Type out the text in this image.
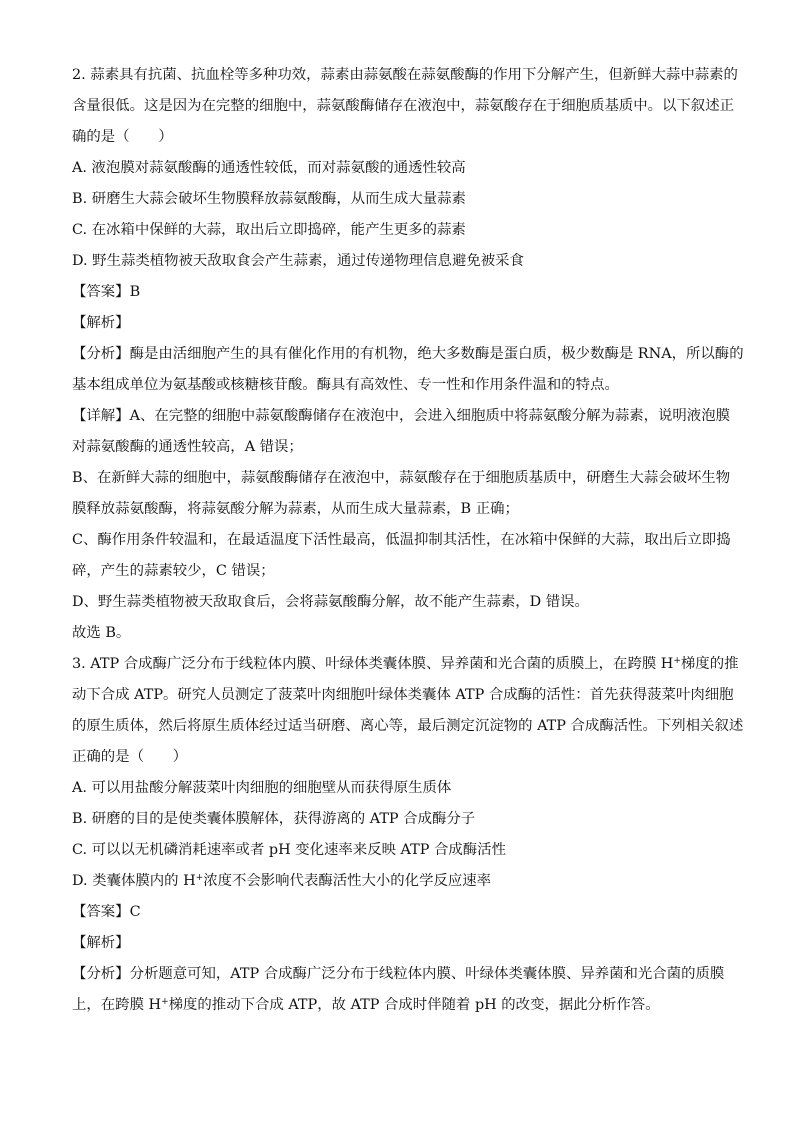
2. 蒜素具有抗菌、抗血栓等多种功效，蒜素由蒜氨酸在蒜氨酸酶的作用下分解产生，但新鲜大蒜中蒜素的
含量很低。这是因为在完整的细胞中，蒜氨酸酶储存在液泡中，蒜氨酸存在于细胞质基质中。以下叙述正
确的是（　　）
A. 液泡膜对蒜氨酸酶的通透性较低，而对蒜氨酸的通透性较高
B. 研磨生大蒜会破坏生物膜释放蒜氨酸酶，从而生成大量蒜素
C. 在冰箱中保鲜的大蒜，取出后立即捣碎，能产生更多的蒜素
D. 野生蒜类植物被天敌取食会产生蒜素，通过传递物理信息避免被采食
【答案】B
【解析】
【分析】酶是由活细胞产生的具有催化作用的有机物，绝大多数酶是蛋白质，极少数酶是 RNA，所以酶的
基本组成单位为氨基酸或核糖核苷酸。酶具有高效性、专一性和作用条件温和的特点。
【详解】A、在完整的细胞中蒜氨酸酶储存在液泡中，会进入细胞质中将蒜氨酸分解为蒜素，说明液泡膜
对蒜氨酸酶的通透性较高，A 错误；
B、在新鲜大蒜的细胞中，蒜氨酸酶储存在液泡中，蒜氨酸存在于细胞质基质中，研磨生大蒜会破坏生物
膜释放蒜氨酸酶，将蒜氨酸分解为蒜素，从而生成大量蒜素，B 正确；
C、酶作用条件较温和，在最适温度下活性最高，低温抑制其活性，在冰箱中保鲜的大蒜，取出后立即捣
碎，产生的蒜素较少，C 错误；
D、野生蒜类植物被天敌取食后，会将蒜氨酸酶分解，故不能产生蒜素，D 错误。
故选 B。
3. ATP 合成酶广泛分布于线粒体内膜、叶绿体类囊体膜、异养菌和光合菌的质膜上，在跨膜 H+梯度的推
动下合成 ATP。研究人员测定了菠菜叶肉细胞叶绿体类囊体 ATP 合成酶的活性：首先获得菠菜叶肉细胞
的原生质体，然后将原生质体经过适当研磨、离心等，最后测定沉淀物的 ATP 合成酶活性。下列相关叙述
正确的是（　　）
A. 可以用盐酸分解菠菜叶肉细胞的细胞壁从而获得原生质体
B. 研磨的目的是使类囊体膜解体，获得游离的 ATP 合成酶分子
C. 可以以无机磷消耗速率或者 pH 变化速率来反映 ATP 合成酶活性
D. 类囊体膜内的 H+浓度不会影响代表酶活性大小的化学反应速率
【答案】C
【解析】
【分析】分析题意可知，ATP 合成酶广泛分布于线粒体内膜、叶绿体类囊体膜、异养菌和光合菌的质膜
上，在跨膜 H+梯度的推动下合成 ATP，故 ATP 合成时伴随着 pH 的改变，据此分析作答。
